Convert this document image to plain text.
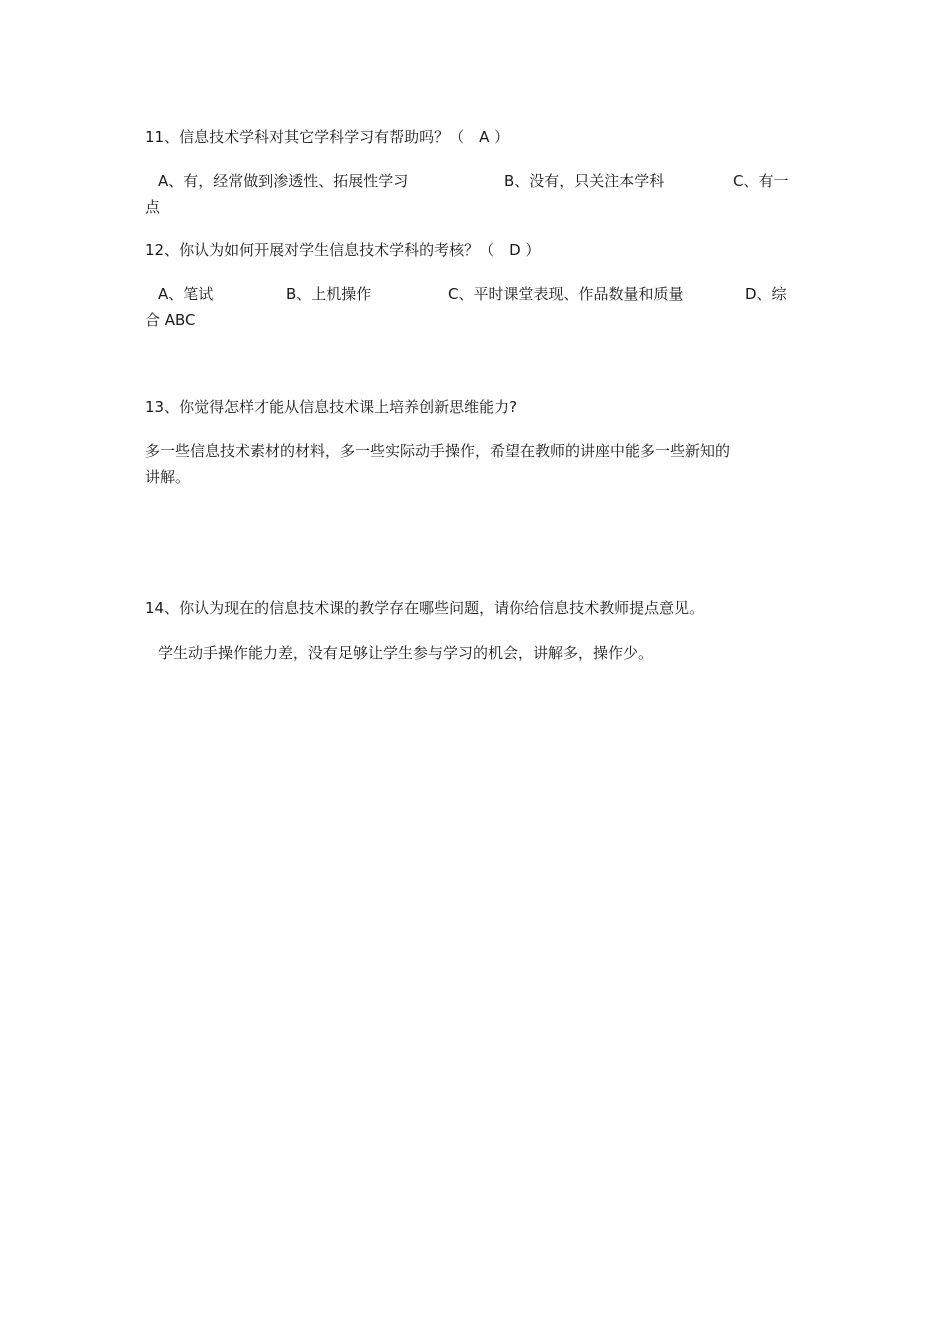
11、信息技术学科对其它学科学习有帮助吗？（　A ）
A、有，经常做到渗透性、拓展性学习	B、没有，只关注本学科	C、有一
点
12、你认为如何开展对学生信息技术学科的考核？（　D ）
A、笔试	B、上机操作	C、平时课堂表现、作品数量和质量	D、综
合 ABC
13、你觉得怎样才能从信息技术课上培养创新思维能力?
多一些信息技术素材的材料，多一些实际动手操作，希望在教师的讲座中能多一些新知的
讲解。
14、你认为现在的信息技术课的教学存在哪些问题，请你给信息技术教师提点意见。
学生动手操作能力差，没有足够让学生参与学习的机会，讲解多，操作少。
